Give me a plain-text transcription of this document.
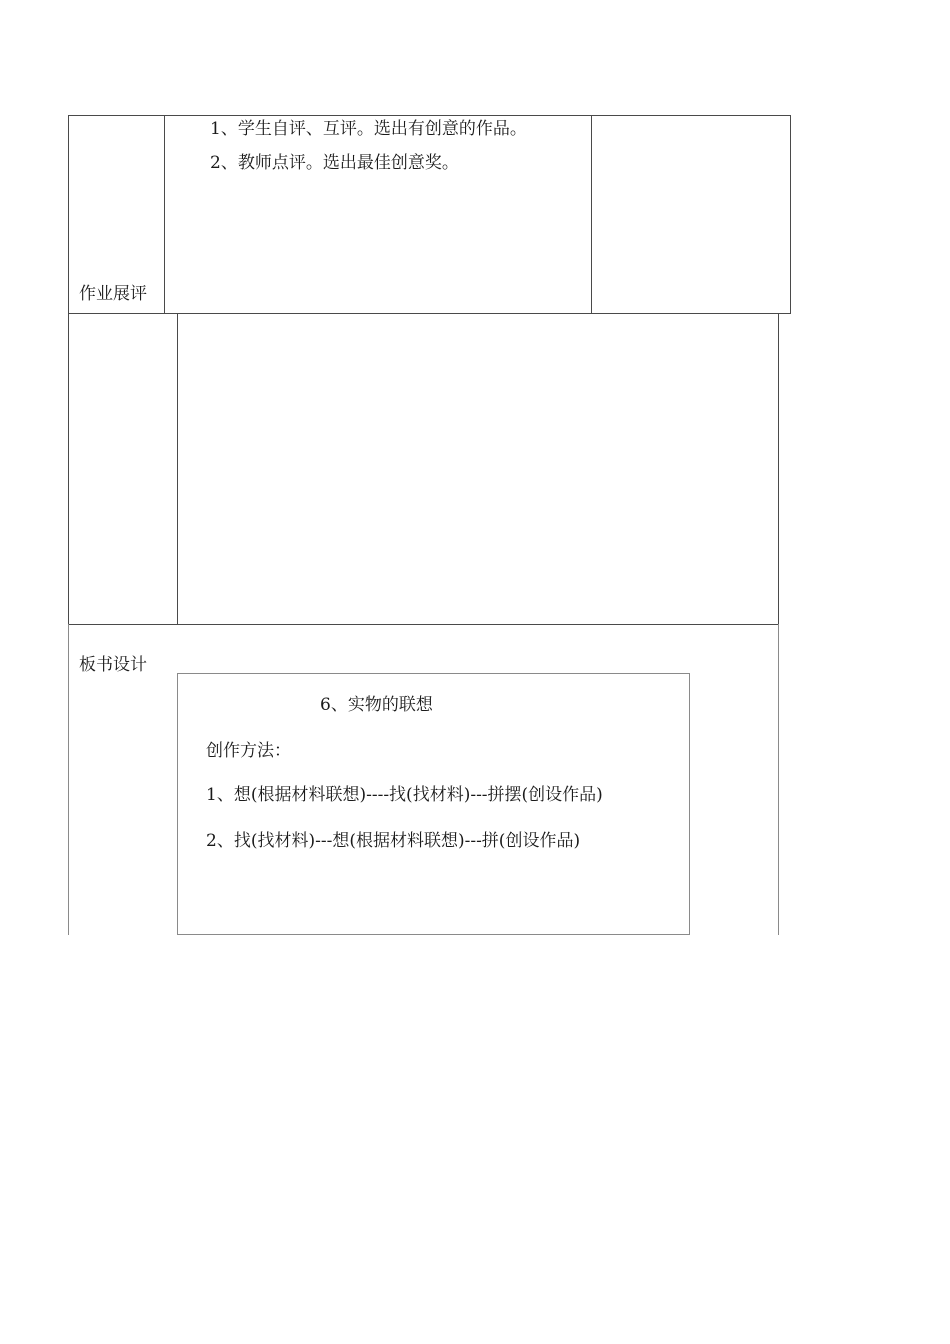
1、学生自评、互评。选出有创意的作品。
2、教师点评。选出最佳创意奖。
作业展评
板书设计
6、实物的联想
创作方法：
1、想(根据材料联想)----找(找材料)---拼摆(创设作品)
2、找(找材料)---想(根据材料联想)---拼(创设作品)
